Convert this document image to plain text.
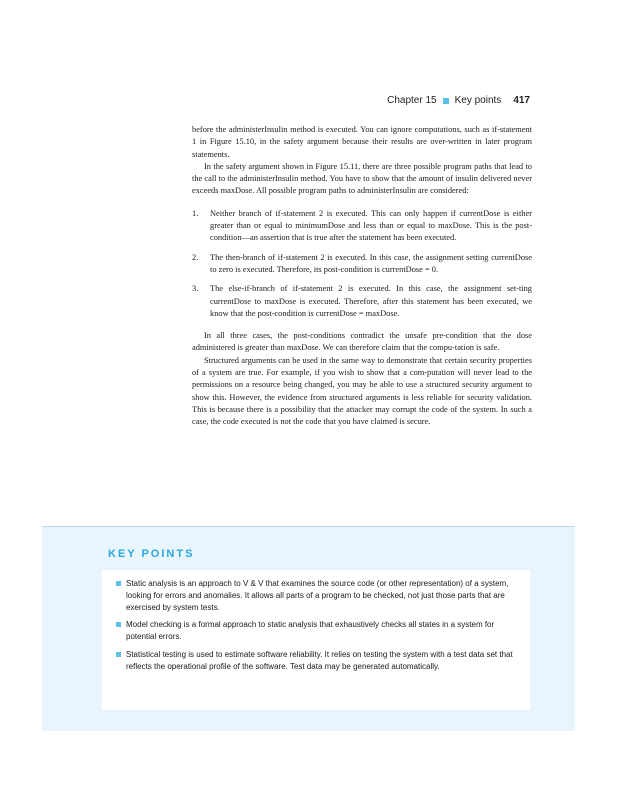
Chapter 15 Key points 417

before the administerInsulin method is executed. You can ignore computations, such as if-statement 1 in Figure 15.10, in the safety argument because their results are over-written in later program statements.

In the safety argument shown in Figure 15.11, there are three possible program paths that lead to the call to the administerInsulin method. You have to show that the amount of insulin delivered never exceeds maxDose. All possible program paths to administerInsulin are considered:

1. Neither branch of if-statement 2 is executed. This can only happen if currentDose is either greater than or equal to minimumDose and less than or equal to maxDose. This is the post-condition—an assertion that is true after the statement has been executed.
2. The then-branch of if-statement 2 is executed. In this case, the assignment setting currentDose to zero is executed. Therefore, its post-condition is currentDose = 0.
3. The else-if-branch of if-statement 2 is executed. In this case, the assignment set-ting currentDose to maxDose is executed. Therefore, after this statement has been executed, we know that the post-condition is currentDose = maxDose.

In all three cases, the post-conditions contradict the unsafe pre-condition that the dose administered is greater than maxDose. We can therefore claim that the compu-tation is safe.

Structured arguments can be used in the same way to demonstrate that certain security properties of a system are true. For example, if you wish to show that a com-putation will never lead to the permissions on a resource being changed, you may be able to use a structured security argument to show this. However, the evidence from structured arguments is less reliable for security validation. This is because there is a possibility that the attacker may corrupt the code of the system. In such a case, the code executed is not the code that you have claimed is secure.

KEY POINTS
Static analysis is an approach to V & V that examines the source code (or other representation) of a system, looking for errors and anomalies. It allows all parts of a program to be checked, not just those parts that are exercised by system tests.
Model checking is a formal approach to static analysis that exhaustively checks all states in a system for potential errors.
Statistical testing is used to estimate software reliability. It relies on testing the system with a test data set that reflects the operational profile of the software. Test data may be generated automatically.
